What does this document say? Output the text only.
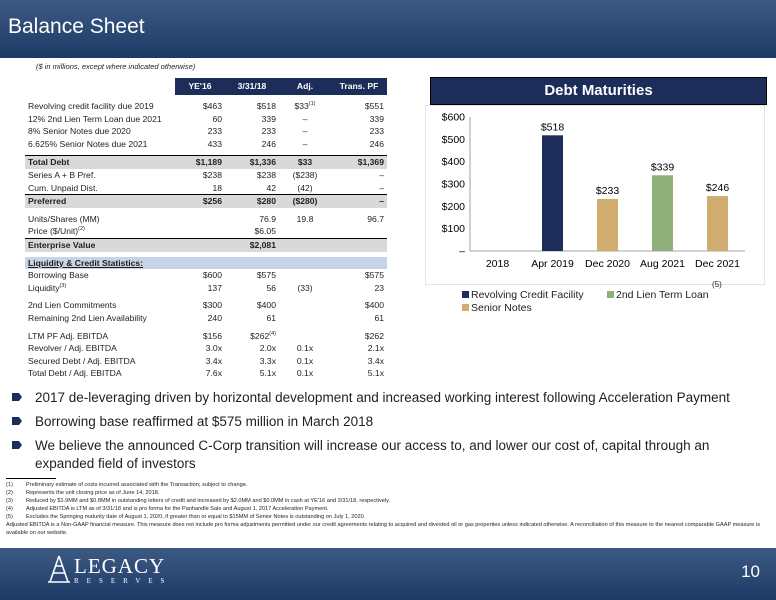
Balance Sheet
($ in millions, except where indicated otherwise)
	YE'16	3/31/18	Adj.	Trans. PF

Revolving credit facility due 2019	$463	$518	$33$^{(1)}$	$551
12% 2nd Lien Term Loan due 2021	60	339	–	339
8% Senior Notes due 2020	233	233	–	233
6.625% Senior Notes due 2021	433	246	–	246

Total Debt	$1,189	$1,336	$33	$1,369
Series A + B Pref.	$238	$238	($238)	–
Cum. Unpaid Dist.	18	42	(42)	–
Preferred	$256	$280	($280)	–

Units/Shares (MM)		76.9	19.8	96.7
Price ($/Unit)$^{(2)}$		$6.05		
Enterprise Value		$2,081		

Liquidity & Credit Statistics:				
Borrowing Base	$600	$575		$575
Liquidity$^{(3)}$	137	56	(33)	23

2nd Lien Commitments	$300	$400		$400
Remaining 2nd Lien Availability	240	61		61

LTM PF Adj. EBITDA	$156	$262$^{(4)}$		$262
Revolver / Adj. EBITDA	3.0x	2.0x	0.1x	2.1x
Secured Debt / Adj. EBITDA	3.4x	3.3x	0.1x	3.4x
Total Debt / Adj. EBITDA	7.6x	5.1x	0.1x	5.1x
Debt Maturities
–
$100
$200
$300
$400
$500
$600
2018 Apr 2019 Dec 2020 Aug 2021 Dec 2021
$518
$233
$339
$246
Revolving Credit Facility	2nd Lien Term Loan
Senior Notes
(5)
2017 de-leveraging driven by horizontal development and increased working interest following Acceleration Payment
Borrowing base reaffirmed at $575 million in March 2018
We believe the announced C-Corp transition will increase our access to, and lower our cost of, capital through an expanded field of investors
(1)	Preliminary estimate of costs incurred associated with the Transaction; subject to change.
(2)	Represents the unit closing price as of June 14, 2018.
(3)	Reduced by $1.9MM and $0.8MM in outstanding letters of credit and increased by $2.0MM and $0.0MM in cash at YE'16 and 3/31/18, respectively.
(4)	Adjusted EBITDA is LTM as of 3/31/18 and is pro forma for the Panhandle Sale and August 1, 2017 Acceleration Payment.
(5)	Excludes the Springing maturity date of August 1, 2020, if greater than or equal to $15MM of Senior Notes is outstanding on July 1, 2020.
Adjusted EBITDA is a Non-GAAP financial measure. This measure does not include pro forma adjustments permitted under our credit agreements relating to acquired and divested oil or gas properties unless indicated otherwise. A reconciliation of this measure to the nearest comparable GAAP measure is available on our website.
LEGACY
RESERVES	10
